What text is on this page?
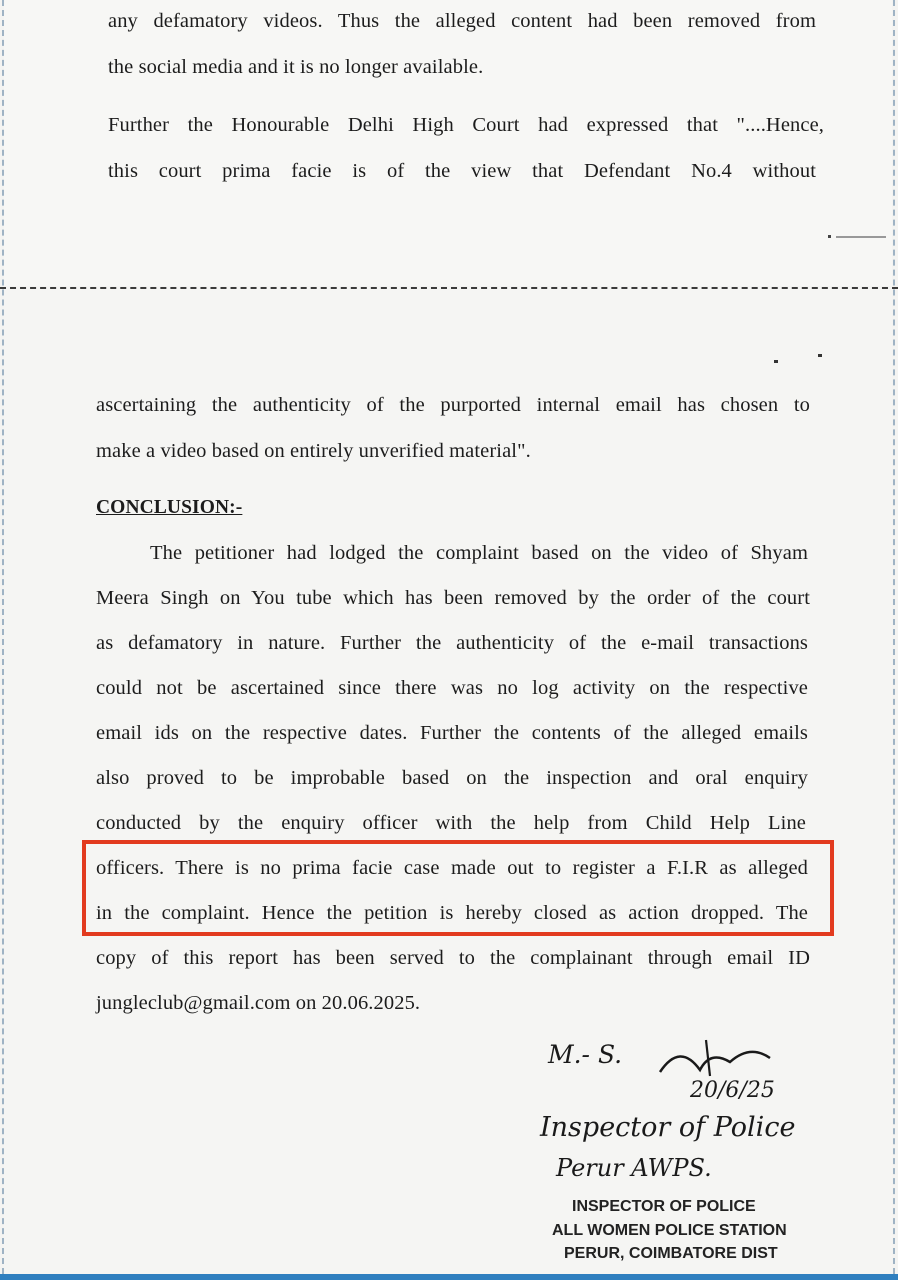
any defamatory videos. Thus the alleged content had been removed from
the social media and it is no longer available.
Further the Honourable Delhi High Court had expressed that "....Hence,
this court prima facie is of the view that Defendant No.4 without
ascertaining the authenticity of the purported internal email has chosen to
make a video based on entirely unverified material".
CONCLUSION:-
The petitioner had lodged the complaint based on the video of Shyam
Meera Singh on You tube which has been removed by the order of the court
as defamatory in nature. Further the authenticity of the e-mail transactions
could not be ascertained since there was no log activity on the respective
email ids on the respective dates. Further the contents of the alleged emails
also proved to be improbable based on the inspection and oral enquiry
conducted by the enquiry officer with the help from Child Help Line
officers. There is no prima facie case made out to register a F.I.R as alleged
in the complaint. Hence the petition is hereby closed as action dropped. The
copy of this report has been served to the complainant through email ID
jungleclub@gmail.com on 20.06.2025.
M.- S.
20/6/25
Inspector of Police
Perur AWPS.
INSPECTOR OF POLICE
ALL WOMEN POLICE STATION
PERUR, COIMBATORE DIST
